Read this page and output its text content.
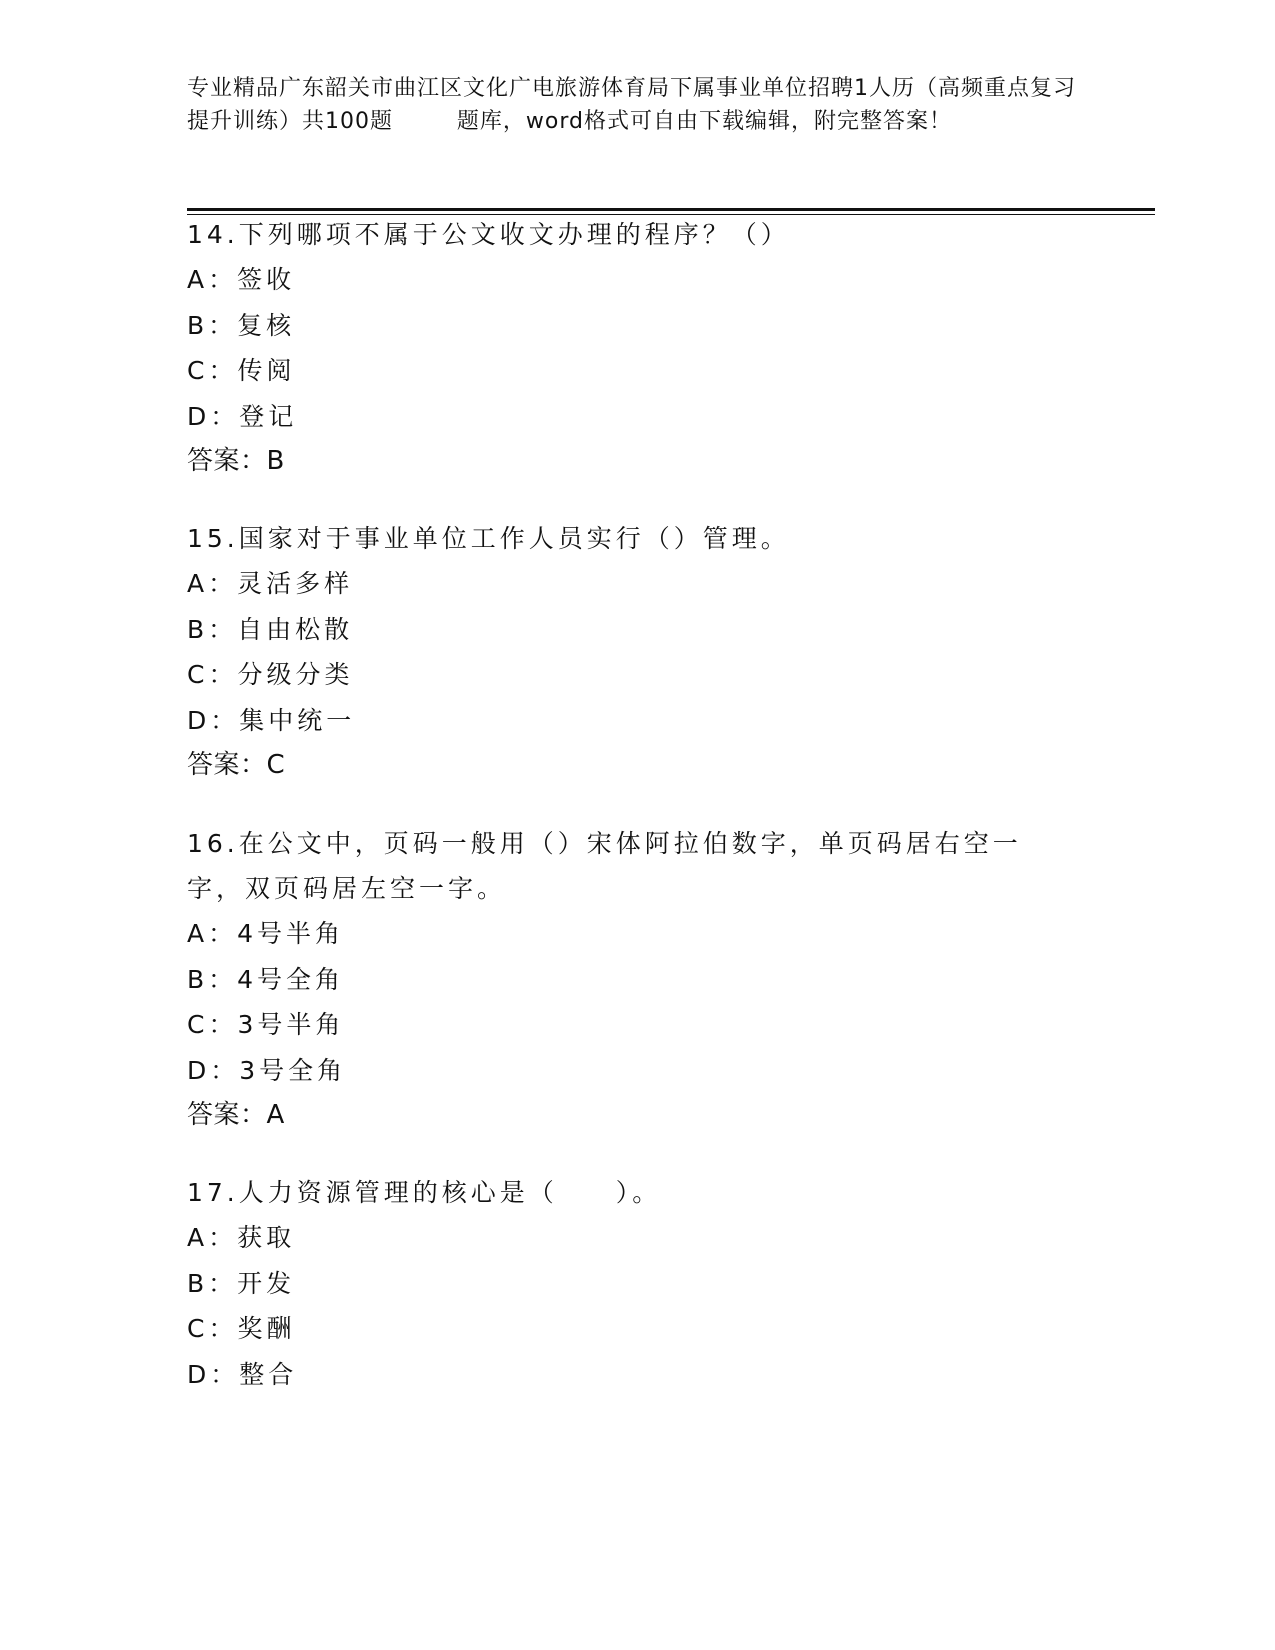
专业精品广东韶关市曲江区文化广电旅游体育局下属事业单位招聘1人历（高频重点复习提升训练）共100题        题库，word格式可自由下载编辑，附完整答案！

14.下列哪项不属于公文收文办理的程序？（）

A：签收

B：复核

C：传阅

D：登记

答案：B

15.国家对于事业单位工作人员实行（）管理。

A：灵活多样

B：自由松散

C：分级分类

D：集中统一

答案：C

16.在公文中，页码一般用（）宋体阿拉伯数字，单页码居右空一字，双页码居左空一字。

A：4号半角

B：4号全角

C：3号半角

D：3号全角

答案：A

17.人力资源管理的核心是（　　）。

A：获取

B：开发

C：奖酬

D：整合
